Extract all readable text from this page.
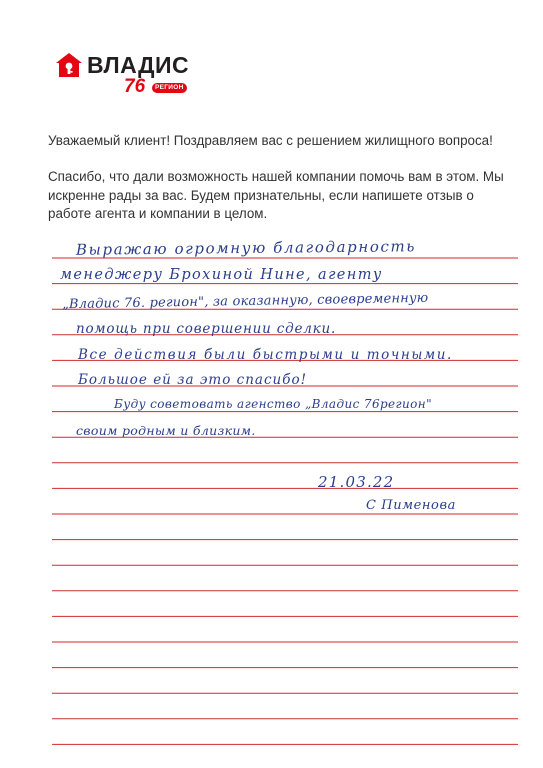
ВЛАДИС
76	РЕГИОН

Уважаемый клиент! Поздравляем вас с решением жилищного вопроса!

Спасибо, что дали возможность нашей компании помочь вам в этом. Мы искренне рады за вас. Будем признательны, если напишете отзыв о работе агента и компании в целом.

Выражаю огромную благодарность
менеджеру Брохиной Нине, агенту
„Владис 76. регион", за оказанную, своевременную
помощь при совершении сделки.
Все действия были быстрыми и точными.
Большое ей за это спасибо!
Буду советовать агенство „Владис 76регион"
своим родным и близким.
21.03.22
С Пименова
